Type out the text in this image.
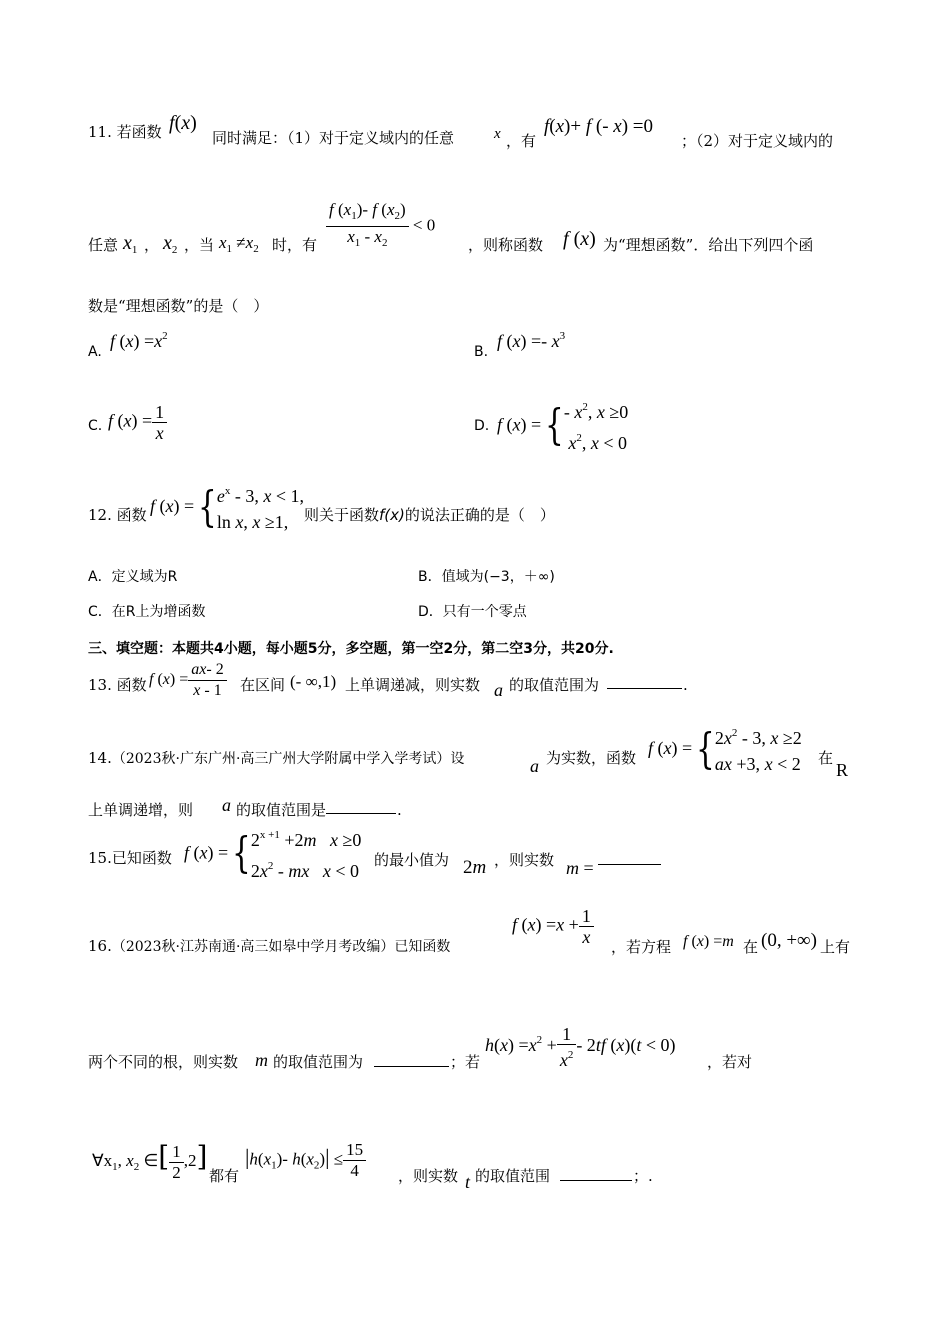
11. 若函数 f(x)
同时满足：（1）对于定义域内的任意	x ，有
f(x)+ f (- x) =0
；（2）对于定义域内的
任意 $x_1$ ， $x_2$ ，当 $x_1 \ne x_2$ 时，有 $\frac{f (x_1)- f (x_2)}{x_1 - x_2} < 0$
，则称函数 f (x) 为“理想函数”．给出下列四个函
数是“理想函数”的是（　）
A.
f $(x) =x^2$
B.
f $(x) =- x^3$
C. f $(x) = \frac{1}{x}$	D. f (x) ={- $x^2$, x ≥0
$x^2$, x < 0
12. 函数 f $(x) =\{e^x - 3$, x < 1,
ln x, x ≥1,	则关于函数f(x)的说法正确的是（　）
A．定义域为R	B．值域为(−3，＋∞)
C．在R上为增函数	D．只有一个零点
三、填空题：本题共4小题，每小题5分，多空题，第一空2分，第二空3分，共20分.
13. 函数 f $(x) = \frac{ax- 2}{x - 1}$ 在区间 (- ∞,1) 上单调递减，则实数 a 的取值范围为	.
14.（2023秋·广东广州·高三广州大学附属中学入学考试）设	a 为实数，函数 f $(x) =\{2x^2 - 3$, x ≥2
ax +3, x < 2 在
R
上单调递增，则 a 的取值范围是	.
15.已知函数 f $(x) =\{2^{x +1} +2m$ x ≥0
$2x^2$ - mx x < 0
的最小值为 2m ，则实数 m =
16.（2023秋·江苏南通·高三如皋中学月考改编）已知函数
f $(x) =x + \frac{1}{x}$ ，若方程 f (x) =m 在 (0, +∞) 上有
两个不同的根，则实数 m 的取值范围为	；若
$h(x) =x^2 + \frac{1}{x^2} - 2tf$ (x)(t < 0)
，若对
$\forall x_1$, $x_2$ ∈[ $\frac{1}{2} ,2$]
都有
$|h(x_1)-$ $h(x_2)| \le \frac{15}{4}$ ，则实数 t 的取值范围	；.
